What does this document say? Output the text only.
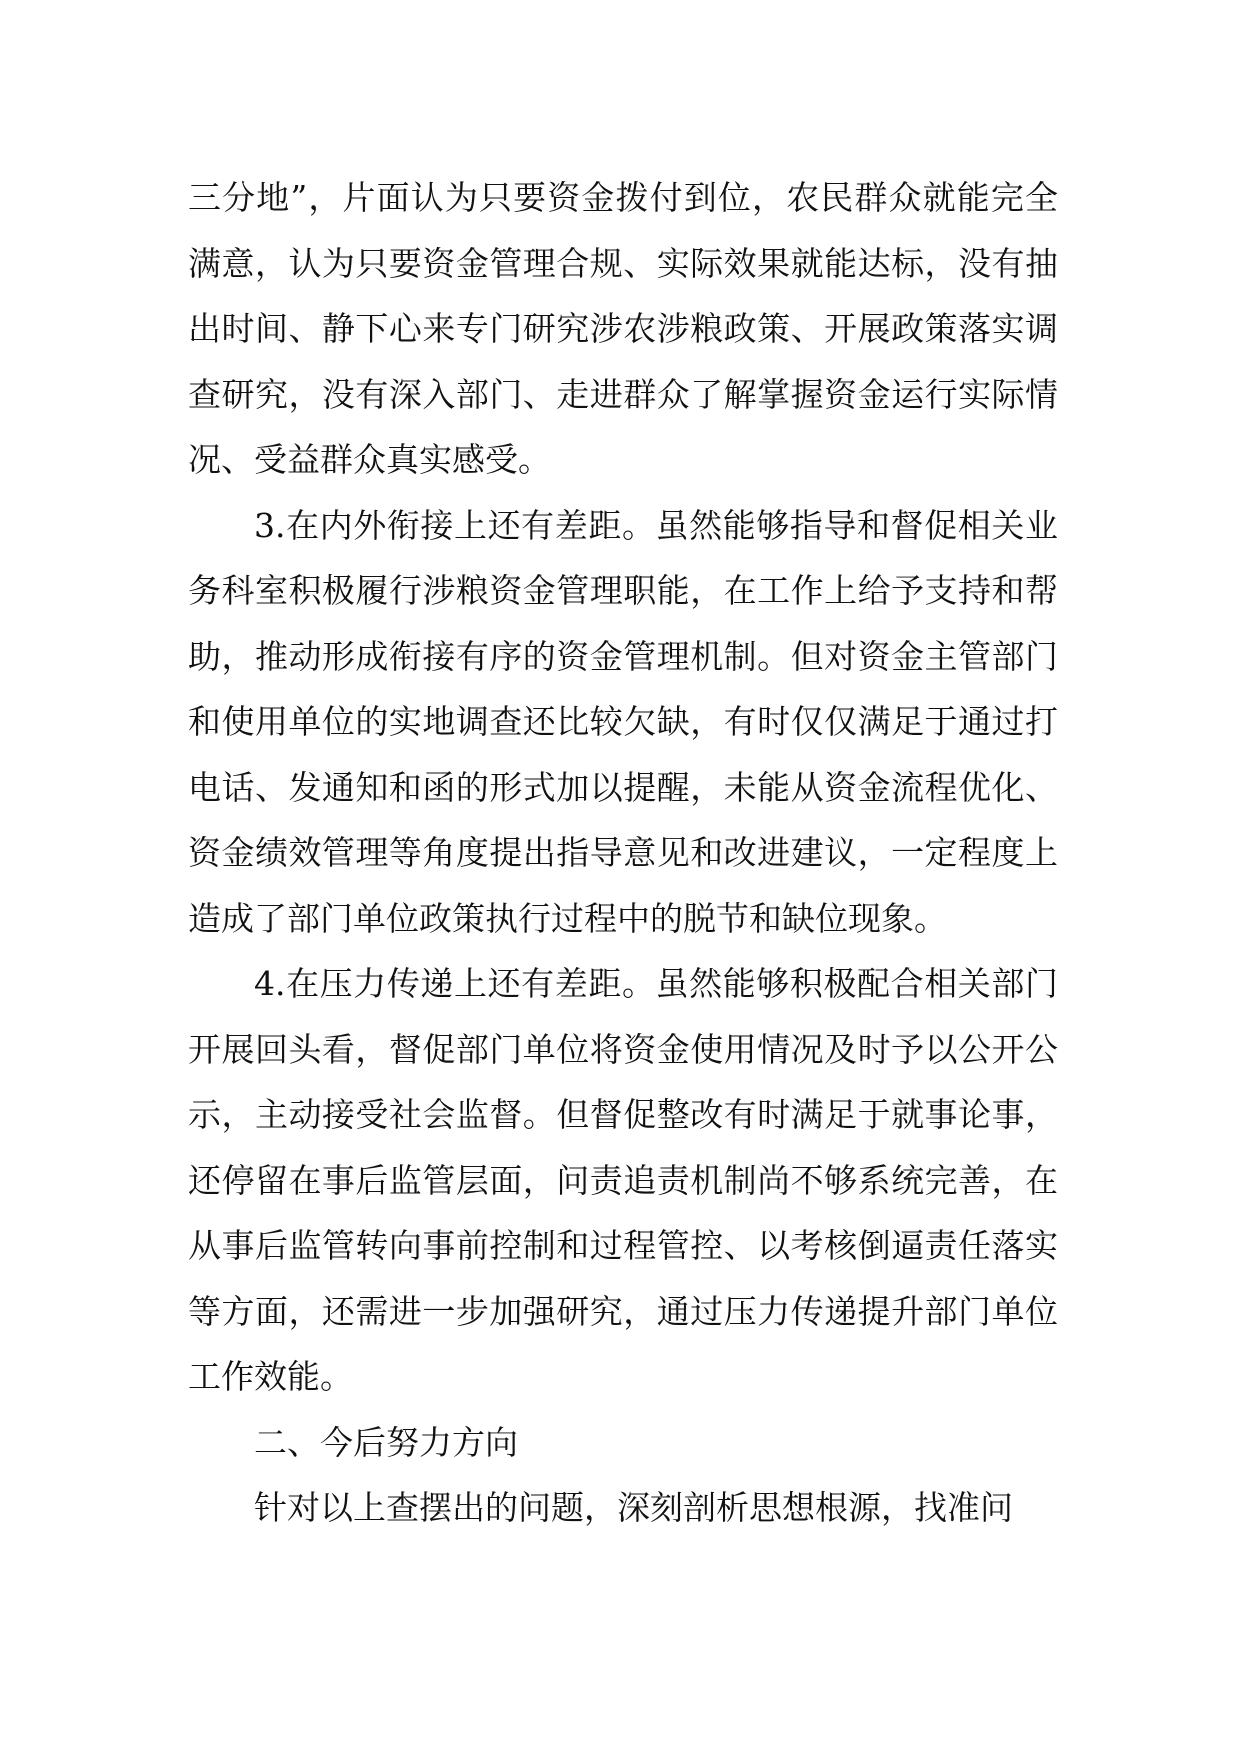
三分地”，片面认为只要资金拨付到位，农民群众就能完全满意，认为只要资金管理合规、实际效果就能达标，没有抽出时间、静下心来专门研究涉农涉粮政策、开展政策落实调查研究，没有深入部门、走进群众了解掌握资金运行实际情况、受益群众真实感受。

3.在内外衔接上还有差距。虽然能够指导和督促相关业务科室积极履行涉粮资金管理职能，在工作上给予支持和帮助，推动形成衔接有序的资金管理机制。但对资金主管部门和使用单位的实地调查还比较欠缺，有时仅仅满足于通过打电话、发通知和函的形式加以提醒，未能从资金流程优化、资金绩效管理等角度提出指导意见和改进建议，一定程度上造成了部门单位政策执行过程中的脱节和缺位现象。

4.在压力传递上还有差距。虽然能够积极配合相关部门开展回头看，督促部门单位将资金使用情况及时予以公开公示，主动接受社会监督。但督促整改有时满足于就事论事，还停留在事后监管层面，问责追责机制尚不够系统完善，在从事后监管转向事前控制和过程管控、以考核倒逼责任落实等方面，还需进一步加强研究，通过压力传递提升部门单位工作效能。

二、今后努力方向

针对以上查摆出的问题，深刻剖析思想根源，找准问
